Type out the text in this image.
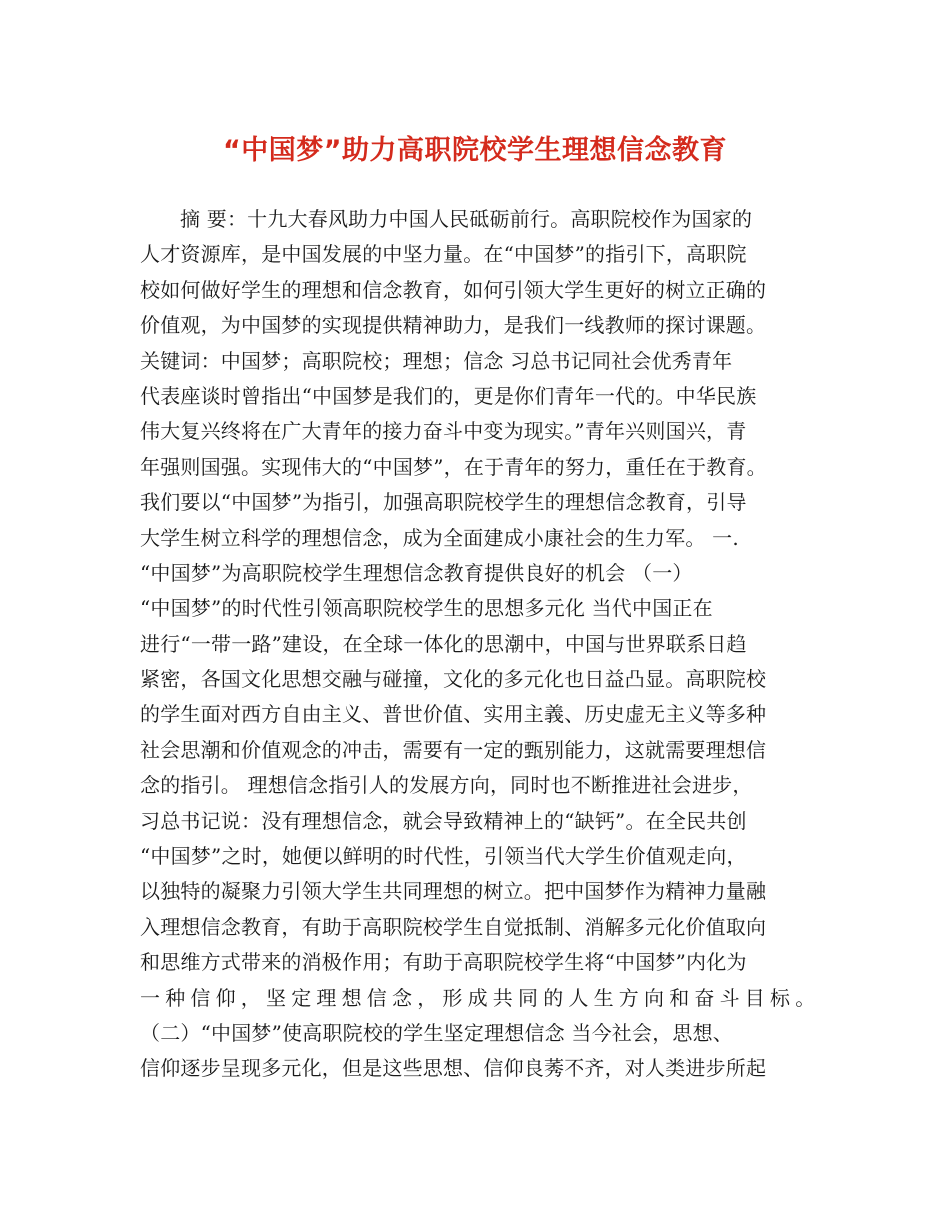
“中国梦”助力高职院校学生理想信念教育
摘 要：十九大春风助力中国人民砥砺前行。高职院校作为国家的
人才资源库，是中国发展的中坚力量。在“中国梦”的指引下，高职院
校如何做好学生的理想和信念教育，如何引领大学生更好的树立正确的
价值观，为中国梦的实现提供精神助力，是我们一线教师的探讨课题。
关键词：中国梦；高职院校；理想；信念 习总书记同社会优秀青年
代表座谈时曾指出“中国梦是我们的，更是你们青年一代的。中华民族
伟大复兴终将在广大青年的接力奋斗中变为现实。”青年兴则国兴，青
年强则国强。实现伟大的“中国梦”，在于青年的努力，重任在于教育。
我们要以“中国梦”为指引，加强高职院校学生的理想信念教育，引导
大学生树立科学的理想信念，成为全面建成小康社会的生力军。 一.
“中国梦”为高职院校学生理想信念教育提供良好的机会 （一）
“中国梦”的时代性引领高职院校学生的思想多元化 当代中国正在
进行“一带一路”建设，在全球一体化的思潮中，中国与世界联系日趋
紧密，各国文化思想交融与碰撞，文化的多元化也日益凸显。高职院校
的学生面对西方自由主义、普世价值、实用主義、历史虚无主义等多种
社会思潮和价值观念的冲击，需要有一定的甄别能力，这就需要理想信
念的指引。 理想信念指引人的发展方向，同时也不断推进社会进步，
习总书记说：没有理想信念，就会导致精神上的“缺钙”。在全民共创
“中国梦”之时，她便以鲜明的时代性，引领当代大学生价值观走向，
以独特的凝聚力引领大学生共同理想的树立。把中国梦作为精神力量融
入理想信念教育，有助于高职院校学生自觉抵制、消解多元化价值取向
和思维方式带来的消极作用；有助于高职院校学生将“中国梦”内化为
一种信仰，坚定理想信念，形成共同的人生方向和奋斗目标。
（二）“中国梦”使高职院校的学生坚定理想信念 当今社会，思想、
信仰逐步呈现多元化，但是这些思想、信仰良莠不齐，对人类进步所起
